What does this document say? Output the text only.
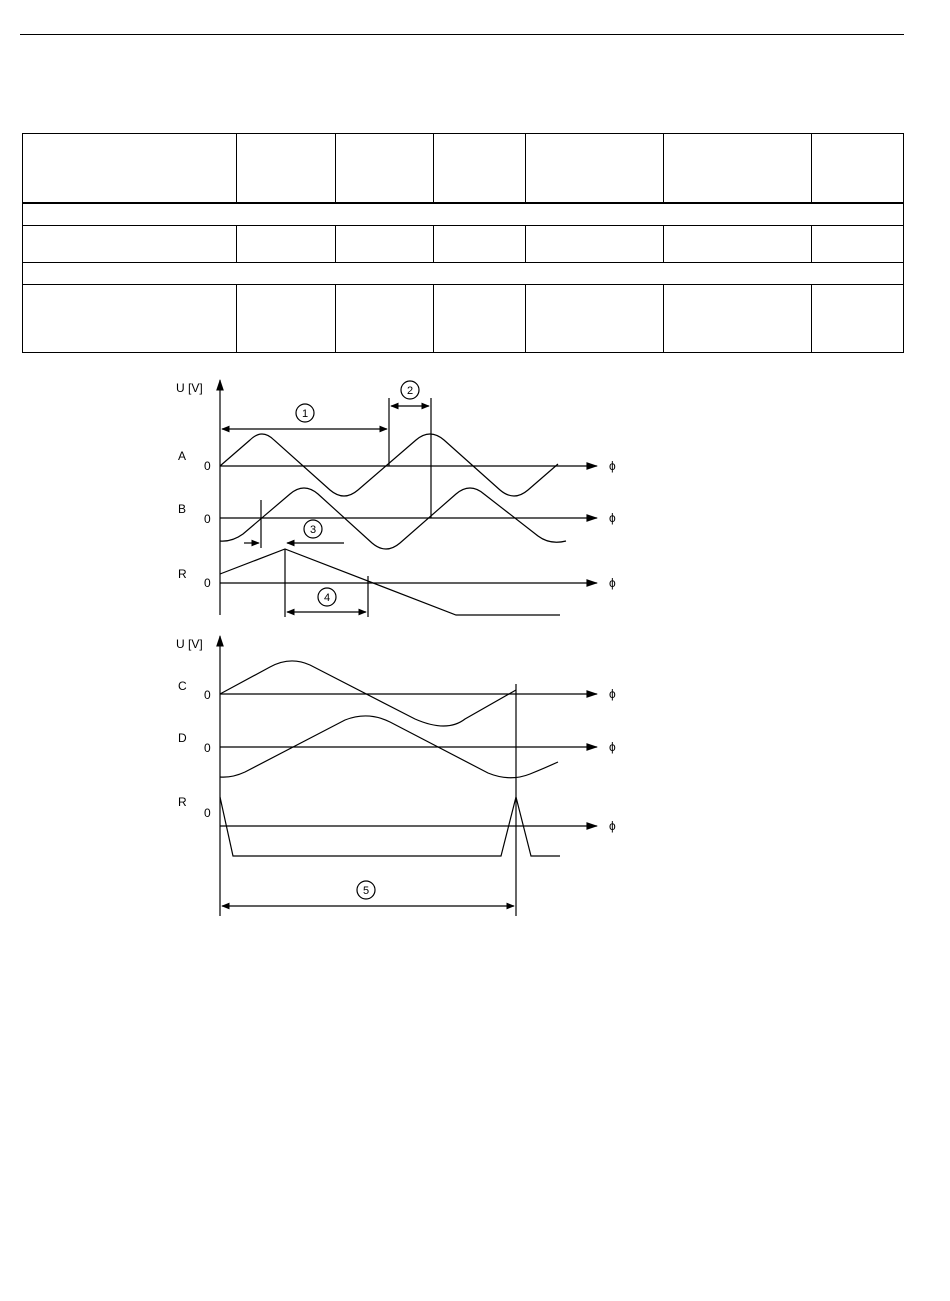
U [V]
A
0	ϕ
B
0	ϕ
R
0	ϕ
1
2
3
4
U [V]
C
0	ϕ
D
0	ϕ
R
0
ϕ
5
